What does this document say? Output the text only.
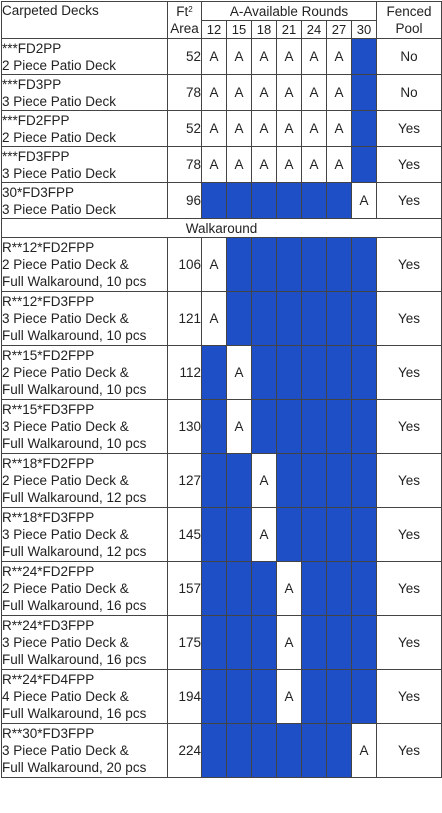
Carpeted Decks	Ft$^2$
Area	A-Available Rounds							Fenced
Pool
		12	15	18	21	24	27	30	

***FD2PP
2 Piece Patio Deck	52	A	A	A	A	A	A		No

***FD3PP
3 Piece Patio Deck	78	A	A	A	A	A	A		No

***FD2FPP
2 Piece Patio Deck	52	A	A	A	A	A	A		Yes

***FD3FPP
3 Piece Patio Deck	78	A	A	A	A	A	A		Yes

30*FD3FPP
3 Piece Patio Deck	96							A	Yes
Walkaround									

R**12*FD2FPP
2 Piece Patio Deck &
Full Walkaround, 10 pcs	106	A							Yes

R**12*FD3FPP
3 Piece Patio Deck &
Full Walkaround, 10 pcs	121	A							Yes

R**15*FD2FPP
2 Piece Patio Deck &
Full Walkaround, 10 pcs	112		A						Yes

R**15*FD3FPP
3 Piece Patio Deck &
Full Walkaround, 10 pcs	130		A						Yes

R**18*FD2FPP
2 Piece Patio Deck &
Full Walkaround, 12 pcs	127			A					Yes

R**18*FD3FPP
3 Piece Patio Deck &
Full Walkaround, 12 pcs	145			A					Yes

R**24*FD2FPP
2 Piece Patio Deck &
Full Walkaround, 16 pcs	157				A				Yes

R**24*FD3FPP
3 Piece Patio Deck &
Full Walkaround, 16 pcs	175				A				Yes

R**24*FD4FPP
4 Piece Patio Deck &
Full Walkaround, 16 pcs	194				A				Yes

R**30*FD3FPP
3 Piece Patio Deck &
Full Walkaround, 20 pcs	224							A	Yes
